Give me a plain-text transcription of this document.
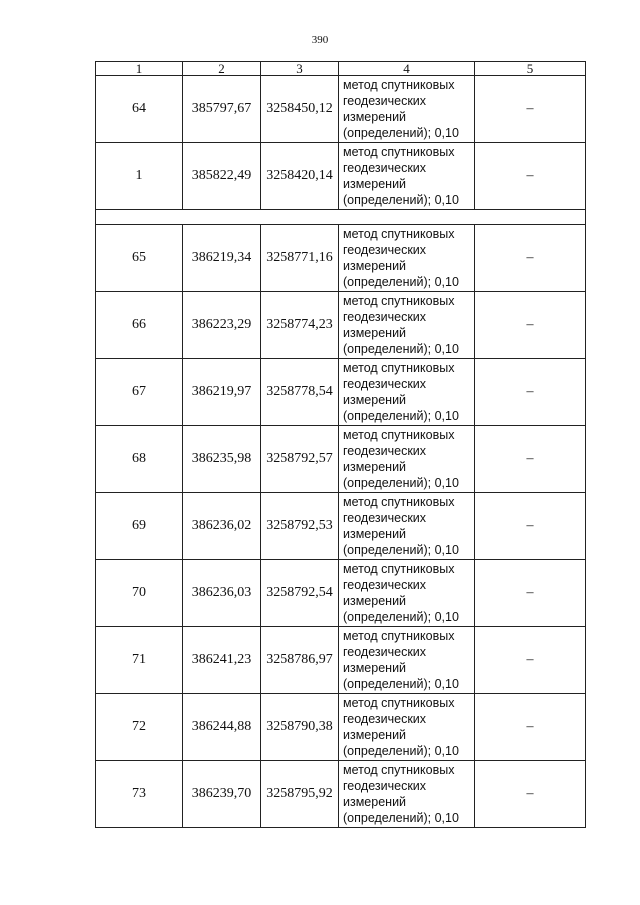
390
1	2	3	4	5
64	385797,67	3258450,12	метод спутниковых
геодезических
измерений
(определений); 0,10	–
1	385822,49	3258420,14	метод спутниковых
геодезических
измерений
(определений); 0,10	–

65	386219,34	3258771,16	метод спутниковых
геодезических
измерений
(определений); 0,10	–
66	386223,29	3258774,23	метод спутниковых
геодезических
измерений
(определений); 0,10	–
67	386219,97	3258778,54	метод спутниковых
геодезических
измерений
(определений); 0,10	–
68	386235,98	3258792,57	метод спутниковых
геодезических
измерений
(определений); 0,10	–
69	386236,02	3258792,53	метод спутниковых
геодезических
измерений
(определений); 0,10	–
70	386236,03	3258792,54	метод спутниковых
геодезических
измерений
(определений); 0,10	–
71	386241,23	3258786,97	метод спутниковых
геодезических
измерений
(определений); 0,10	–
72	386244,88	3258790,38	метод спутниковых
геодезических
измерений
(определений); 0,10	–
73	386239,70	3258795,92	метод спутниковых
геодезических
измерений
(определений); 0,10	–
